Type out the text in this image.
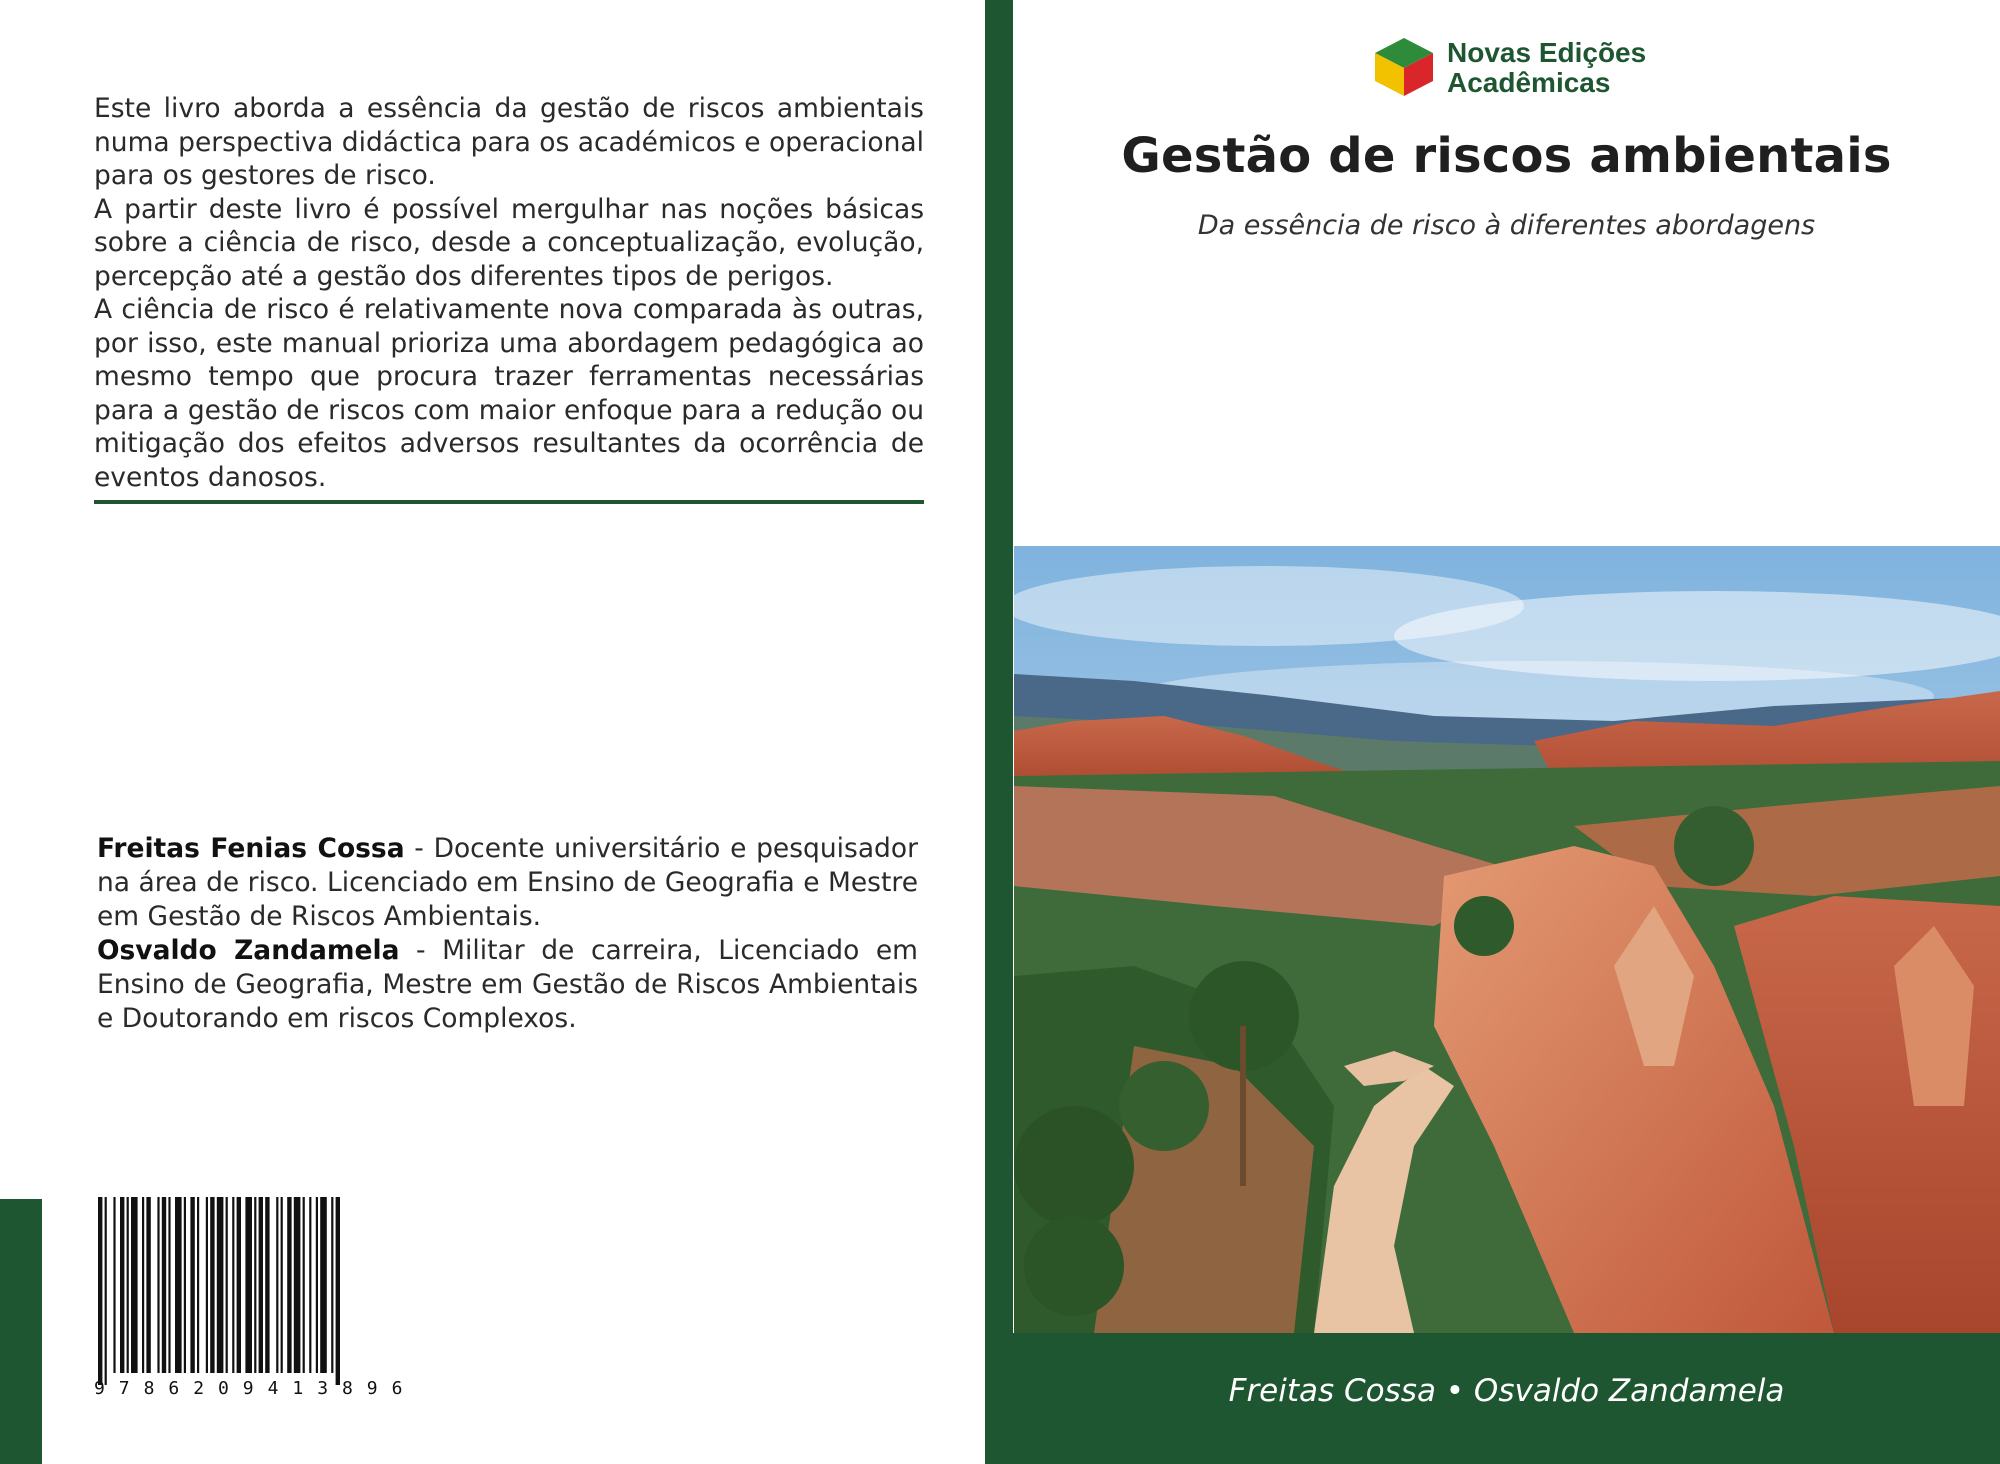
Este livro aborda a essência da gestão de riscos ambientais numa perspectiva didáctica para os académicos e operacional para os gestores de risco.

A partir deste livro é possível mergulhar nas noções básicas sobre a ciência de risco, desde a conceptualização, evolução, percepção até a gestão dos diferentes tipos de perigos.

A ciência de risco é relativamente nova comparada às outras, por isso, este manual prioriza uma abordagem pedagógica ao mesmo tempo que procura trazer ferramentas necessárias para a gestão de riscos com maior enfoque para a redução ou mitigação dos efeitos adversos resultantes da ocorrência de eventos danosos.

Freitas Fenias Cossa - Docente universitário e pesquisador na área de risco. Licenciado em Ensino de Geografia e Mestre em Gestão de Riscos Ambientais.

Osvaldo Zandamela - Militar de carreira, Licenciado em Ensino de Geografia, Mestre em Gestão de Riscos Ambientais e Doutorando em riscos Complexos.

9 7 8 6 2 0 9 4 1 3 8 9 6
Novas Edições
Acadêmicas
Gestão de riscos ambientais
Da essência de risco à diferentes abordagens
Freitas Cossa • Osvaldo Zandamela
